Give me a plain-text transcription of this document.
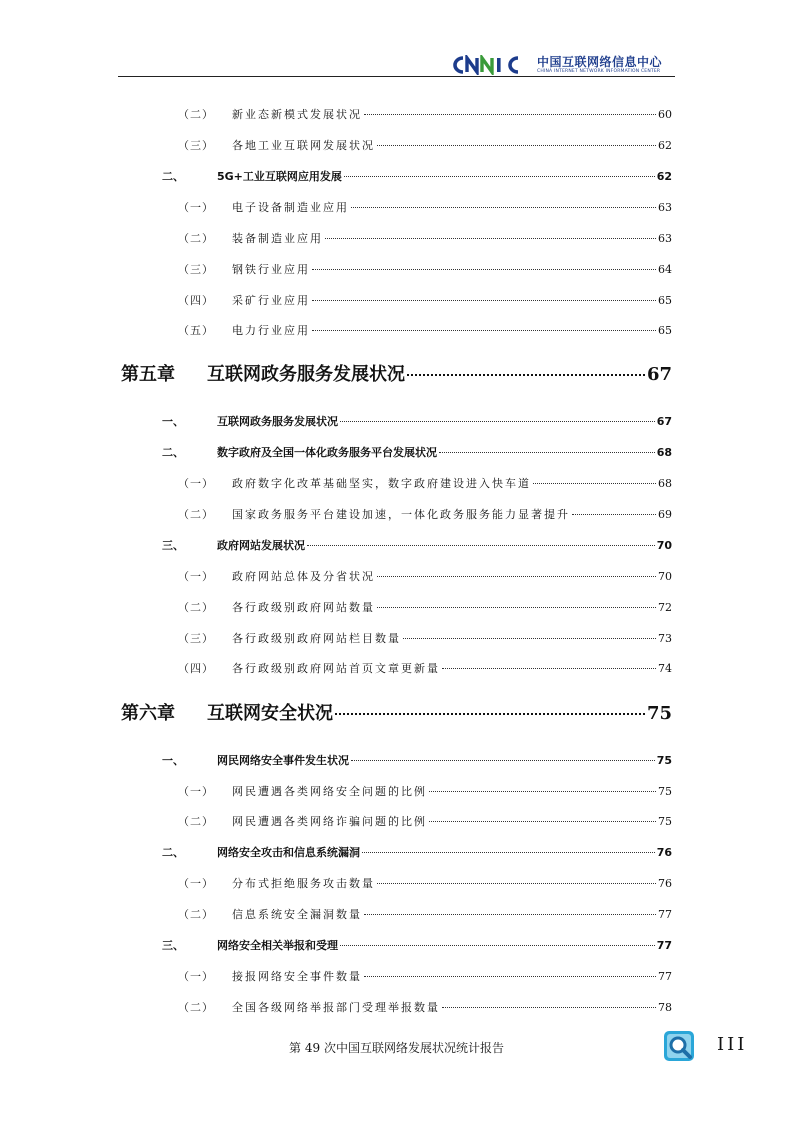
中国互联网络信息中心
CHINA INTERNET NETWORK INFORMATION CENTER
（二）	新业态新模式发展状况	60
（三）	各地工业互联网发展状况	62
二、	5G+工业互联网应用发展	62
（一）	电子设备制造业应用	63
（二）	装备制造业应用	63
（三）	钢铁行业应用	64
（四）	采矿行业应用	65
（五）	电力行业应用	65
第五章	互联网政务服务发展状况	67
一、	互联网政务服务发展状况	67
二、	数字政府及全国一体化政务服务平台发展状况	68
（一）	政府数字化改革基础坚实，数字政府建设进入快车道	68
（二）	国家政务服务平台建设加速，一体化政务服务能力显著提升	69
三、	政府网站发展状况	70
（一）	政府网站总体及分省状况	70
（二）	各行政级别政府网站数量	72
（三）	各行政级别政府网站栏目数量	73
（四）	各行政级别政府网站首页文章更新量	74
第六章	互联网安全状况	75
一、	网民网络安全事件发生状况	75
（一）	网民遭遇各类网络安全问题的比例	75
（二）	网民遭遇各类网络诈骗问题的比例	75
二、	网络安全攻击和信息系统漏洞	76
（一）	分布式拒绝服务攻击数量	76
（二）	信息系统安全漏洞数量	77
三、	网络安全相关举报和受理	77
（一）	接报网络安全事件数量	77
（二）	全国各级网络举报部门受理举报数量	78
第 49 次中国互联网络发展状况统计报告	III
